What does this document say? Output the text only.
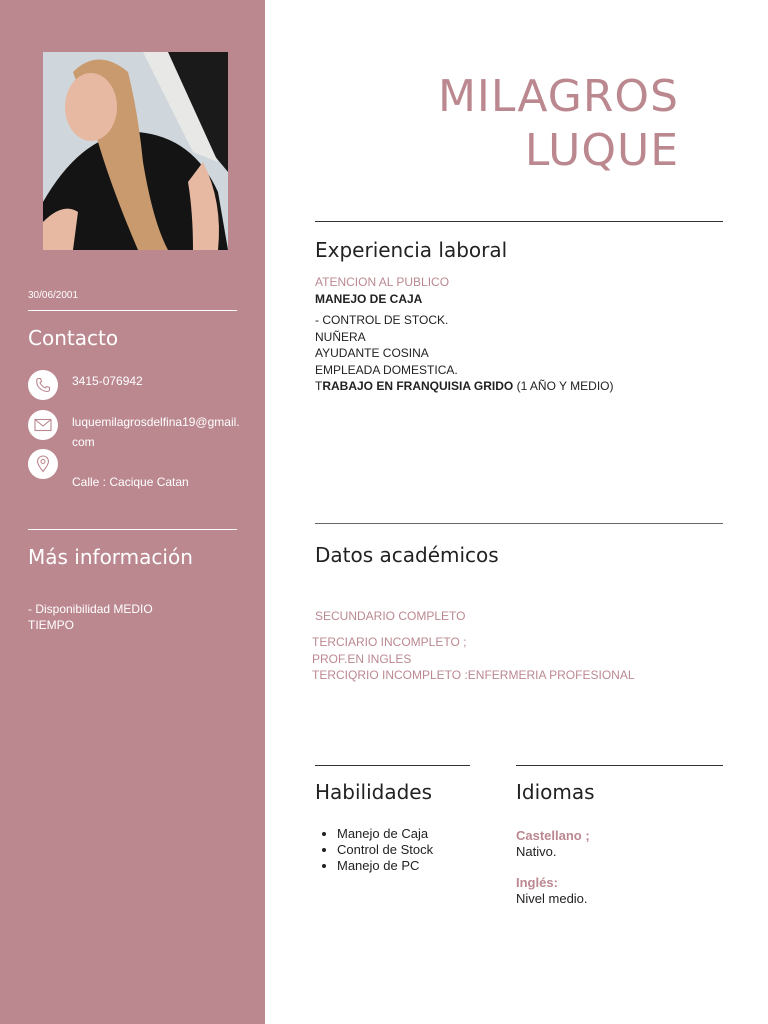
30/06/2001
Contacto
3415-076942
luquemilagrosdelfina19@gmail.
com
Calle : Cacique Catan
Más información
- Disponibilidad MEDIO
TIEMPO
MILAGROS
LUQUE
Experiencia laboral
ATENCION AL PUBLICO
MANEJO DE CAJA
- CONTROL DE STOCK.
NUÑERA
AYUDANTE COSINA
EMPLEADA DOMESTICA.
TRABAJO EN FRANQUISIA GRIDO (1 AÑO Y MEDIO)
Datos académicos
SECUNDARIO COMPLETO
TERCIARIO INCOMPLETO ;
PROF.EN INGLES
TERCIQRIO INCOMPLETO :ENFERMERIA PROFESIONAL
Habilidades
• Manejo de Caja
• Control de Stock
• Manejo de PC
Idiomas
Castellano ;
Nativo.
Inglés:
Nivel medio.
